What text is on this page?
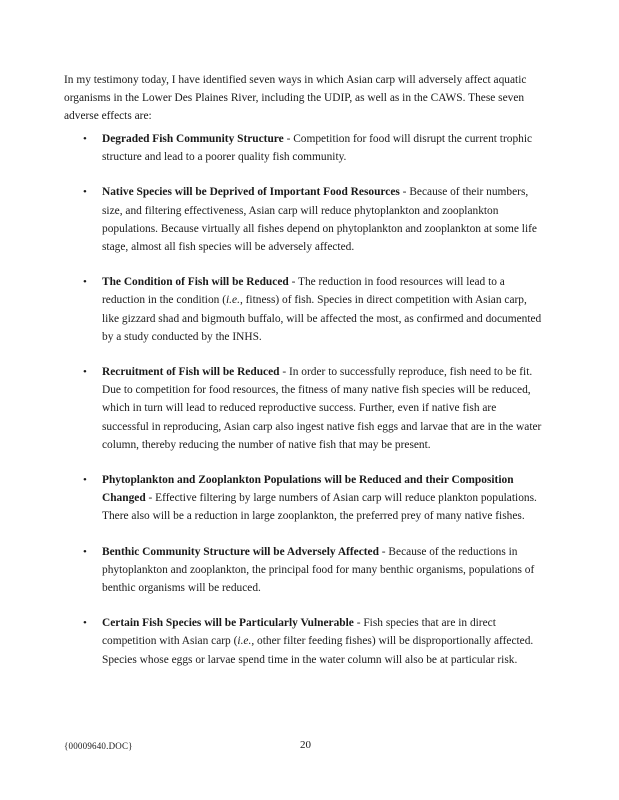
In my testimony today, I have identified seven ways in which Asian carp will adversely affect aquatic organisms in the Lower Des Plaines River, including the UDIP, as well as in the CAWS. These seven adverse effects are:

• Degraded Fish Community Structure - Competition for food will disrupt the current trophic structure and lead to a poorer quality fish community.
• Native Species will be Deprived of Important Food Resources - Because of their numbers, size, and filtering effectiveness, Asian carp will reduce phytoplankton and zooplankton populations. Because virtually all fishes depend on phytoplankton and zooplankton at some life stage, almost all fish species will be adversely affected.
• The Condition of Fish will be Reduced - The reduction in food resources will lead to a reduction in the condition (i.e., fitness) of fish. Species in direct competition with Asian carp, like gizzard shad and bigmouth buffalo, will be affected the most, as confirmed and documented by a study conducted by the INHS.
• Recruitment of Fish will be Reduced - In order to successfully reproduce, fish need to be fit. Due to competition for food resources, the fitness of many native fish species will be reduced, which in turn will lead to reduced reproductive success. Further, even if native fish are successful in reproducing, Asian carp also ingest native fish eggs and larvae that are in the water column, thereby reducing the number of native fish that may be present.
• Phytoplankton and Zooplankton Populations will be Reduced and their Composition Changed - Effective filtering by large numbers of Asian carp will reduce plankton populations. There also will be a reduction in large zooplankton, the preferred prey of many native fishes.
• Benthic Community Structure will be Adversely Affected - Because of the reductions in phytoplankton and zooplankton, the principal food for many benthic organisms, populations of benthic organisms will be reduced.
• Certain Fish Species will be Particularly Vulnerable - Fish species that are in direct competition with Asian carp (i.e., other filter feeding fishes) will be disproportionally affected. Species whose eggs or larvae spend time in the water column will also be at particular risk.
{00009640.DOC}	20
